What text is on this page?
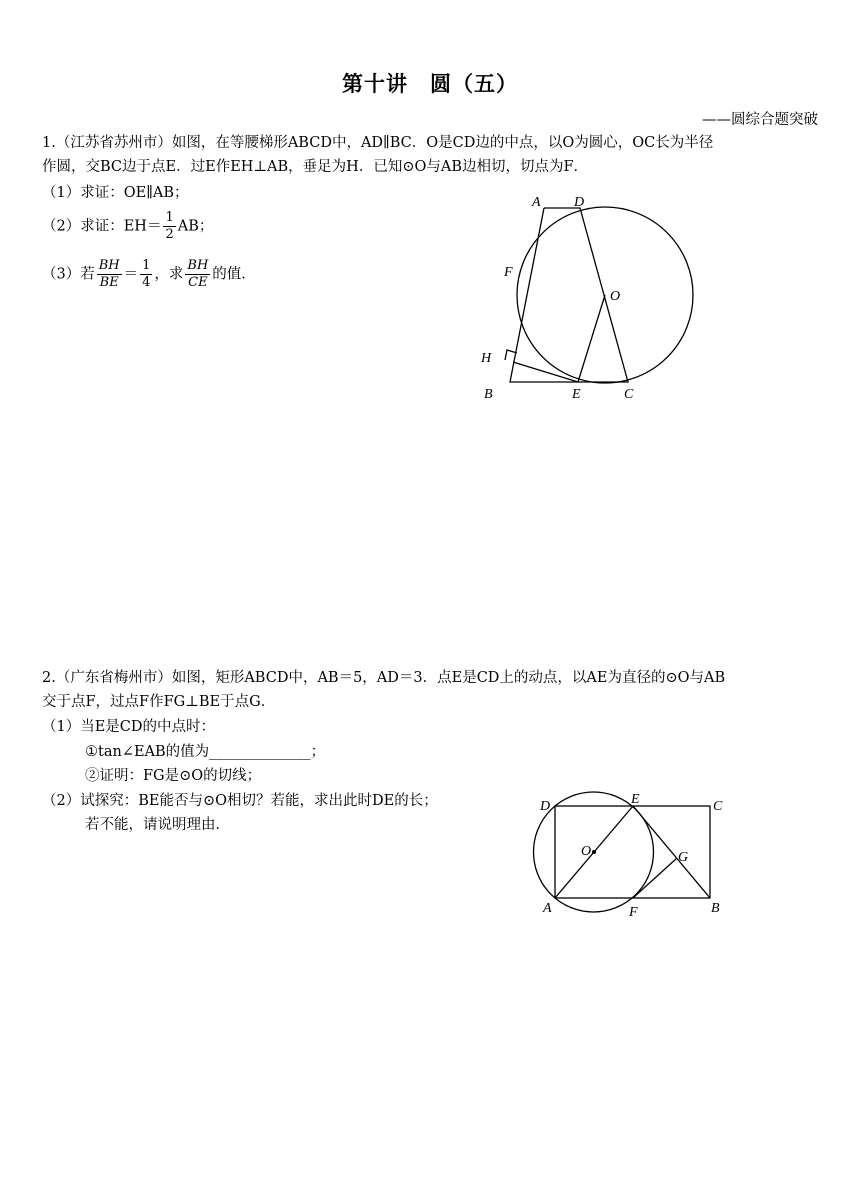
第十讲　圆（五）
——圆综合题突破
1.（江苏省苏州市）如图，在等腰梯形ABCD中，AD∥BC．O是CD边的中点，以O为圆心，OC长为半径
作圆，交BC边于点E．过E作EH⊥AB，垂足为H．已知⊙O与AB边相切，切点为F．
（1）求证：OE∥AB；
（2）求证：$EH= \frac{1}{2}$ AB；
（3）若 $\frac{BH}{BE} = \frac{1}{4}$ ，求 $\frac{BH}{CE}$ 的值．
A D
F
O
H
B	E	C
2.（广东省梅州市）如图，矩形ABCD中，AB＝5，AD＝3．点E是CD上的动点，以AE为直径的⊙O与AB
交于点F，过点F作FG⊥BE于点G．
（1）当E是CD的中点时：
①tan∠EAB的值为______________；
②证明：FG是⊙O的切线；
（2）试探究：BE能否与⊙O相切？若能，求出此时DE的长；
若不能，请说明理由．
D	E	C
O	G
A	F	B
